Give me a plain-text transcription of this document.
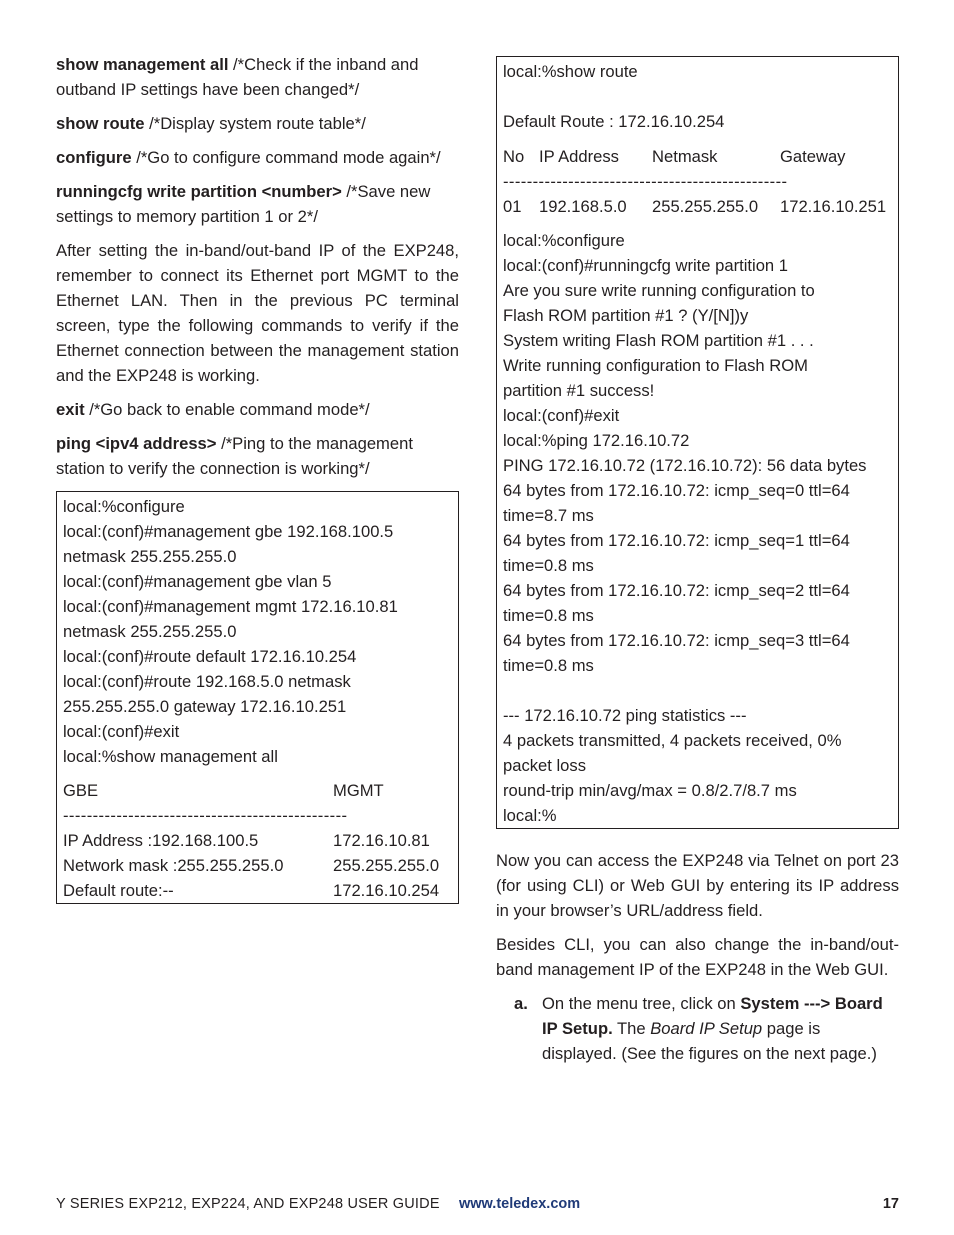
show management all /*Check if the inband and outband IP settings have been changed*/

show route /*Display system route table*/

configure /*Go to configure command mode again*/

runningcfg write partition <number> /*Save new settings to memory partition 1 or 2*/

After setting the in-band/out-band IP of the EXP248, remember to connect its Ethernet port MGMT to the Ethernet LAN. Then in the previous PC terminal screen, type the following commands to verify if the Ethernet connection between the management station and the EXP248 is working.

exit /*Go back to enable command mode*/

ping <ipv4 address> /*Ping to the management station to verify the connection is working*/

local:%configure
local:(conf)#management gbe 192.168.100.5
netmask 255.255.255.0
local:(conf)#management gbe vlan 5
local:(conf)#management mgmt 172.16.10.81
netmask 255.255.255.0
local:(conf)#route default 172.16.10.254
local:(conf)#route 192.168.5.0 netmask
255.255.255.0 gateway 172.16.10.251
local:(conf)#exit
local:%show management all
GBE	MGMT

------------------------------------------------	

IP Address :192.168.100.5	172.16.10.81
Network mask :255.255.255.0	255.255.255.0
Default route:--	172.16.10.254
local:%show route
Default Route : 172.16.10.254
No	IP Address	Netmask	Gateway

------------------------------------------------			

01	192.168.5.0	255.255.255.0	172.16.10.251
local:%configure
local:(conf)#runningcfg write partition 1
Are you sure write running configuration to
Flash ROM partition #1 ? (Y/[N])y
System writing Flash ROM partition #1 . . .
Write running configuration to Flash ROM
partition #1 success!
local:(conf)#exit
local:%ping 172.16.10.72
PING 172.16.10.72 (172.16.10.72): 56 data bytes
64 bytes from 172.16.10.72: icmp_seq=0 ttl=64
time=8.7 ms
64 bytes from 172.16.10.72: icmp_seq=1 ttl=64
time=0.8 ms
64 bytes from 172.16.10.72: icmp_seq=2 ttl=64
time=0.8 ms
64 bytes from 172.16.10.72: icmp_seq=3 ttl=64
time=0.8 ms
--- 172.16.10.72 ping statistics ---
4 packets transmitted, 4 packets received, 0%
packet loss
round-trip min/avg/max = 0.8/2.7/8.7 ms
local:%

Now you can access the EXP248 via Telnet on port 23 (for using CLI) or Web GUI by entering its IP address in your browser’s URL/address field.

Besides CLI, you can also change the in-band/out-band management IP of the EXP248 in the Web GUI.

a. On the menu tree, click on System ---> Board IP Setup. The Board IP Setup page is displayed. (See the figures on the next page.)
Y SERIES EXP212, EXP224, AND EXP248 USER GUIDE www.teledex.com	17
